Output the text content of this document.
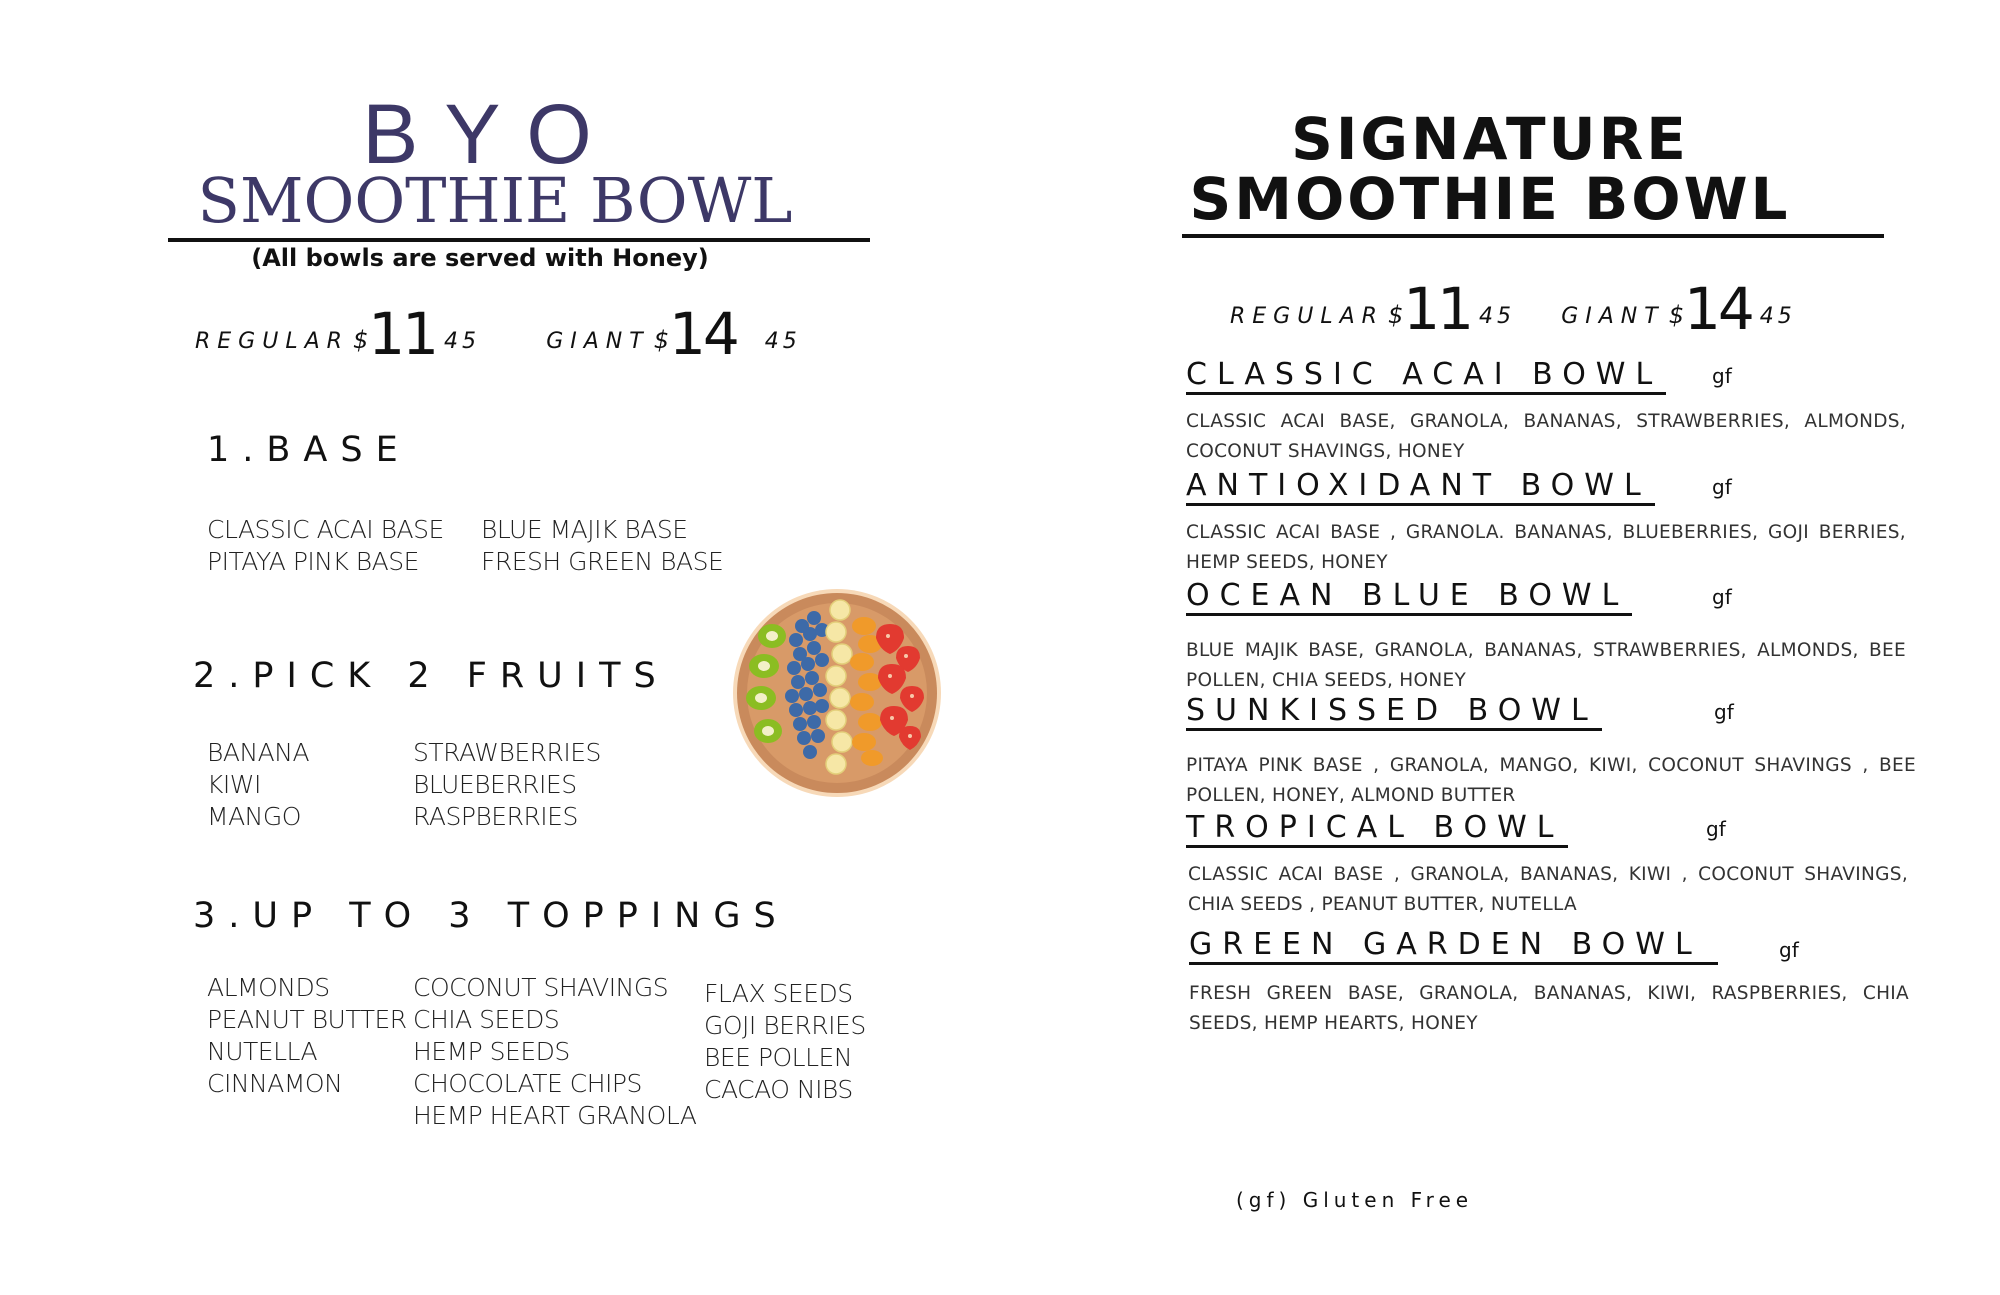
BYO
SMOOTHIE BOWL
(All bowls are served with Honey)
REGULAR $11 45	GIANT $14 45
1.BASE
CLASSIC ACAI BASE
PITAYA PINK BASE
BLUE MAJIK BASE
FRESH GREEN BASE
2.PICK 2 FRUITS
BANANA
KIWI
MANGO
STRAWBERRIES
BLUEBERRIES
RASPBERRIES
3.UP TO 3 TOPPINGS
ALMONDS
PEANUT BUTTER
NUTELLA
CINNAMON
COCONUT SHAVINGS
CHIA SEEDS
HEMP SEEDS
CHOCOLATE CHIPS
HEMP HEART GRANOLA
FLAX SEEDS
GOJI BERRIES
BEE POLLEN
CACAO NIBS
SIGNATURE
SMOOTHIE BOWL
REGULAR $11 45 GIANT $14 45
CLASSIC ACAI BOWL gf
CLASSIC ACAI BASE, GRANOLA, BANANAS, STRAWBERRIES, ALMONDS, COCONUT SHAVINGS, HONEY
ANTIOXIDANT BOWL	gf
CLASSIC ACAI BASE , GRANOLA. BANANAS, BLUEBERRIES, GOJI BERRIES, HEMP SEEDS, HONEY
OCEAN BLUE BOWL	gf
BLUE MAJIK BASE, GRANOLA, BANANAS, STRAWBERRIES, ALMONDS, BEE POLLEN, CHIA SEEDS, HONEY
SUNKISSED BOWL	gf
PITAYA PINK BASE , GRANOLA, MANGO, KIWI, COCONUT SHAVINGS , BEE POLLEN, HONEY, ALMOND BUTTER
TROPICAL BOWL	gf
CLASSIC ACAI BASE , GRANOLA, BANANAS, KIWI , COCONUT SHAVINGS, CHIA SEEDS , PEANUT BUTTER, NUTELLA
GREEN GARDEN BOWL	gf
FRESH GREEN BASE, GRANOLA, BANANAS, KIWI, RASPBERRIES, CHIA SEEDS, HEMP HEARTS, HONEY
(gf) Gluten Free
